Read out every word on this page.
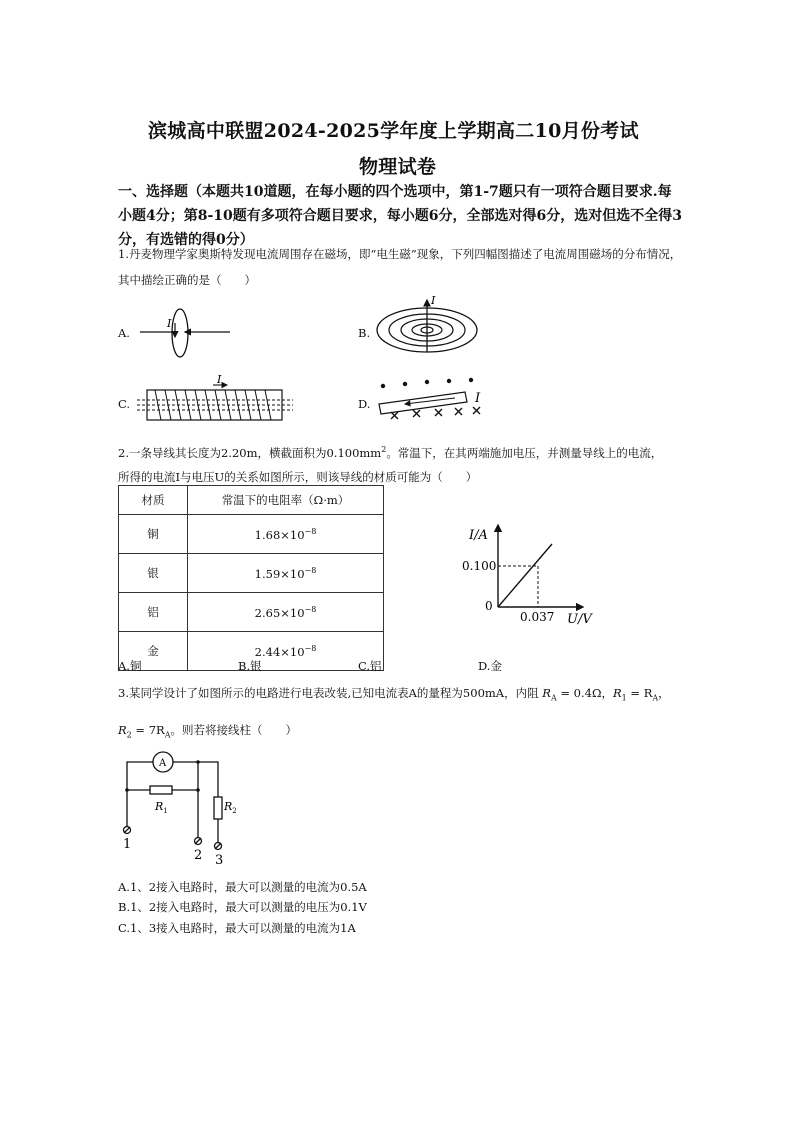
滨城高中联盟2024-2025学年度上学期高二10月份考试
物理试卷
一、选择题（本题共10道题，在每小题的四个选项中，第1-7题只有一项符合题目要求.每小题4分；第8-10题有多项符合题目要求，每小题6分，全部选对得6分，选对但选不全得3分，有选错的得0分）
1.丹麦物理学家奥斯特发现电流周围存在磁场，即“电生磁”现象，下列四幅图描述了电流周围磁场的分布情况，其中描绘正确的是（　　）
A.	B.
C.	D.
I
I
I
I
2.一条导线其长度为2.20m，横截面积为$0.100mm^2$。常温下，在其两端施加电压，并测量导线上的电流，
所得的电流I与电压U的关系如图所示，则该导线的材质可能为（　　）
材质	常温下的电阻率（Ω·m）
铜	$1.68\times 10^{-8}$
银	$1.59\times 10^{-8}$
铝	$2.65\times 10^{-8}$
金	$2.44\times 10^{-8}$
I/A
0.100
0
0.037 U/V
A.铜	B.银	C.铝	D.金
3.某同学设计了如图所示的电路进行电表改装,已知电流表A的量程为500mA，内阻 $R_A = 0.4\Omega$，$R_1 = R_A$，
$R_2 = 7R_A$。则若将接线柱（　　）
A
$R_1$	$R_2$
1
2 3
A.1、2接入电路时，最大可以测量的电流为0.5A
B.1、2接入电路时，最大可以测量的电压为0.1V
C.1、3接入电路时，最大可以测量的电流为1A
